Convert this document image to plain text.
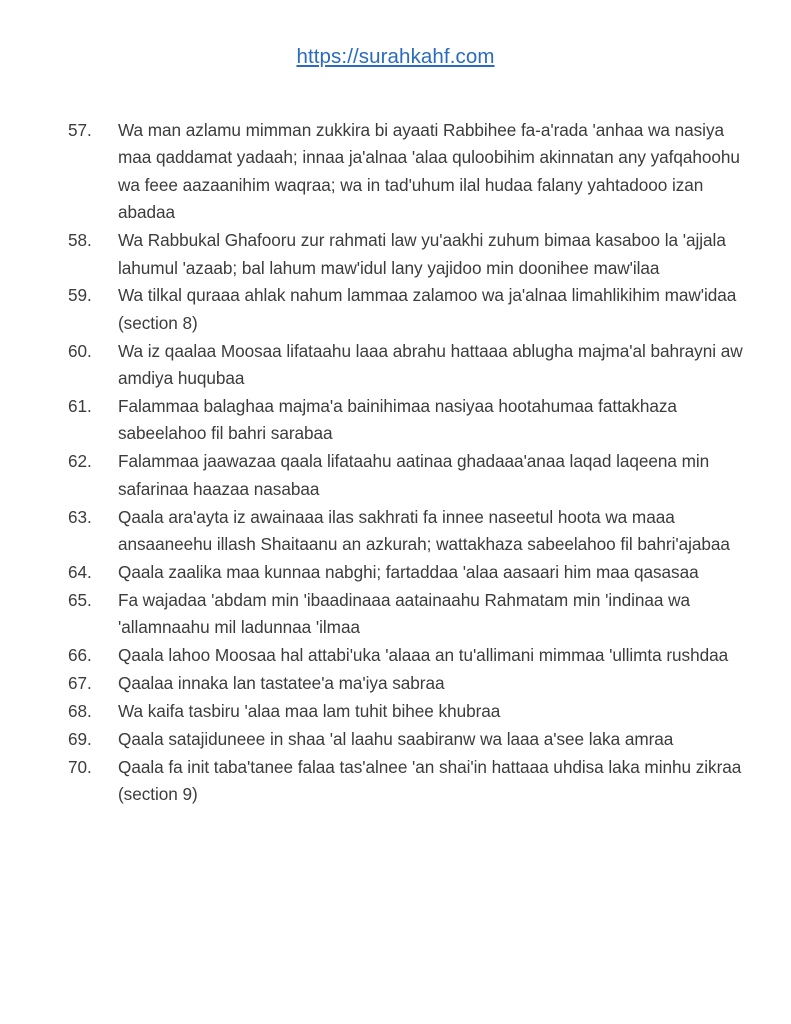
https://surahkahf.com
57.	Wa man azlamu mimman zukkira bi ayaati Rabbihee fa-a'rada 'anhaa wa nasiya maa qaddamat yadaah; innaa ja'alnaa 'alaa quloobihim akinnatan any yafqahoohu wa feee aazaanihim waqraa; wa in tad'uhum ilal hudaa falany yahtadooo izan abadaa
58.	Wa Rabbukal Ghafooru zur rahmati law yu'aakhi zuhum bimaa kasaboo la 'ajjala lahumul 'azaab; bal lahum maw'idul lany yajidoo min doonihee maw'ilaa
59.	Wa tilkal quraaa ahlak nahum lammaa zalamoo wa ja'alnaa limahlikihim maw'idaa (section 8)
60.	Wa iz qaalaa Moosaa lifataahu laaa abrahu hattaaa ablugha majma'al bahrayni aw amdiya huqubaa
61.	Falammaa balaghaa majma'a bainihimaa nasiyaa hootahumaa fattakhaza sabeelahoo fil bahri sarabaa
62.	Falammaa jaawazaa qaala lifataahu aatinaa ghadaaa'anaa laqad laqeena min safarinaa haazaa nasabaa
63.	Qaala ara'ayta iz awainaaa ilas sakhrati fa innee naseetul hoota wa maaa ansaaneehu illash Shaitaanu an azkurah; wattakhaza sabeelahoo fil bahri'ajabaa
64.	Qaala zaalika maa kunnaa nabghi; fartaddaa 'alaa aasaari him maa qasasaa
65.	Fa wajadaa 'abdam min 'ibaadinaaa aatainaahu Rahmatam min 'indinaa wa 'allamnaahu mil ladunnaa 'ilmaa
66.	Qaala lahoo Moosaa hal attabi'uka 'alaaa an tu'allimani mimmaa 'ullimta rushdaa
67.	Qaalaa innaka lan tastatee'a ma'iya sabraa
68.	Wa kaifa tasbiru 'alaa maa lam tuhit bihee khubraa
69.	Qaala satajiduneee in shaa 'al laahu saabiranw wa laaa a'see laka amraa
70.	Qaala fa init taba'tanee falaa tas'alnee 'an shai'in hattaaa uhdisa laka minhu zikraa (section 9)
